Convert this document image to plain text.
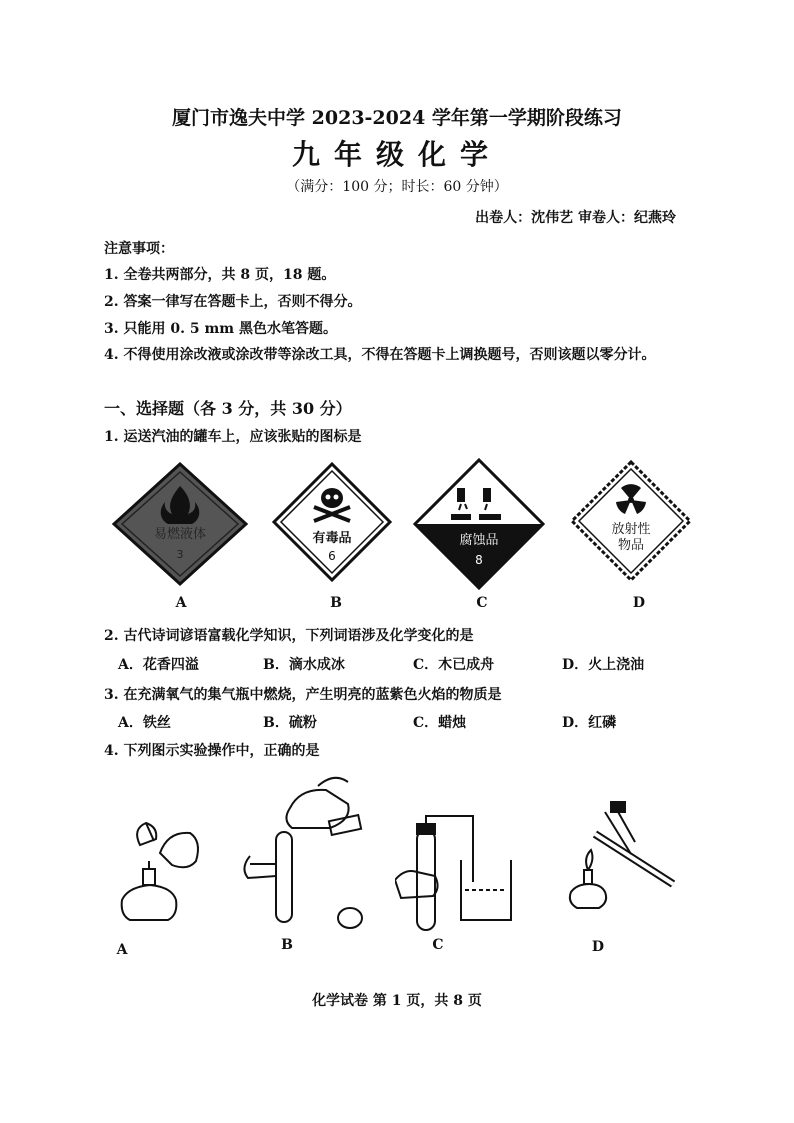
厦门市逸夫中学 2023-2024 学年第一学期阶段练习
九年级化学
（满分：100 分；时长：60 分钟）
出卷人：沈伟艺 审卷人：纪燕玲
注意事项：
1. 全卷共两部分，共 8 页，18 题。
2. 答案一律写在答题卡上，否则不得分。
3. 只能用 0. 5 mm 黑色水笔答题。
4. 不得使用涂改液或涂改带等涂改工具，不得在答题卡上调换题号，否则该题以零分计。
一、选择题（各 3 分，共 30 分）
1. 运送汽油的罐车上，应该张贴的图标是
易燃液体
3
有毒品
6
腐蚀品
8
放射性
物品
A	B	C	D
2. 古代诗词谚语富载化学知识，下列词语涉及化学变化的是
A．花香四溢	B．滴水成冰	C．木已成舟	D．火上浇油
3. 在充满氧气的集气瓶中燃烧，产生明亮的蓝紫色火焰的物质是
A．铁丝	B．硫粉	C．蜡烛	D．红磷
4. 下列图示实验操作中，正确的是
A	B	C	D
化学试卷 第 1 页，共 8 页
